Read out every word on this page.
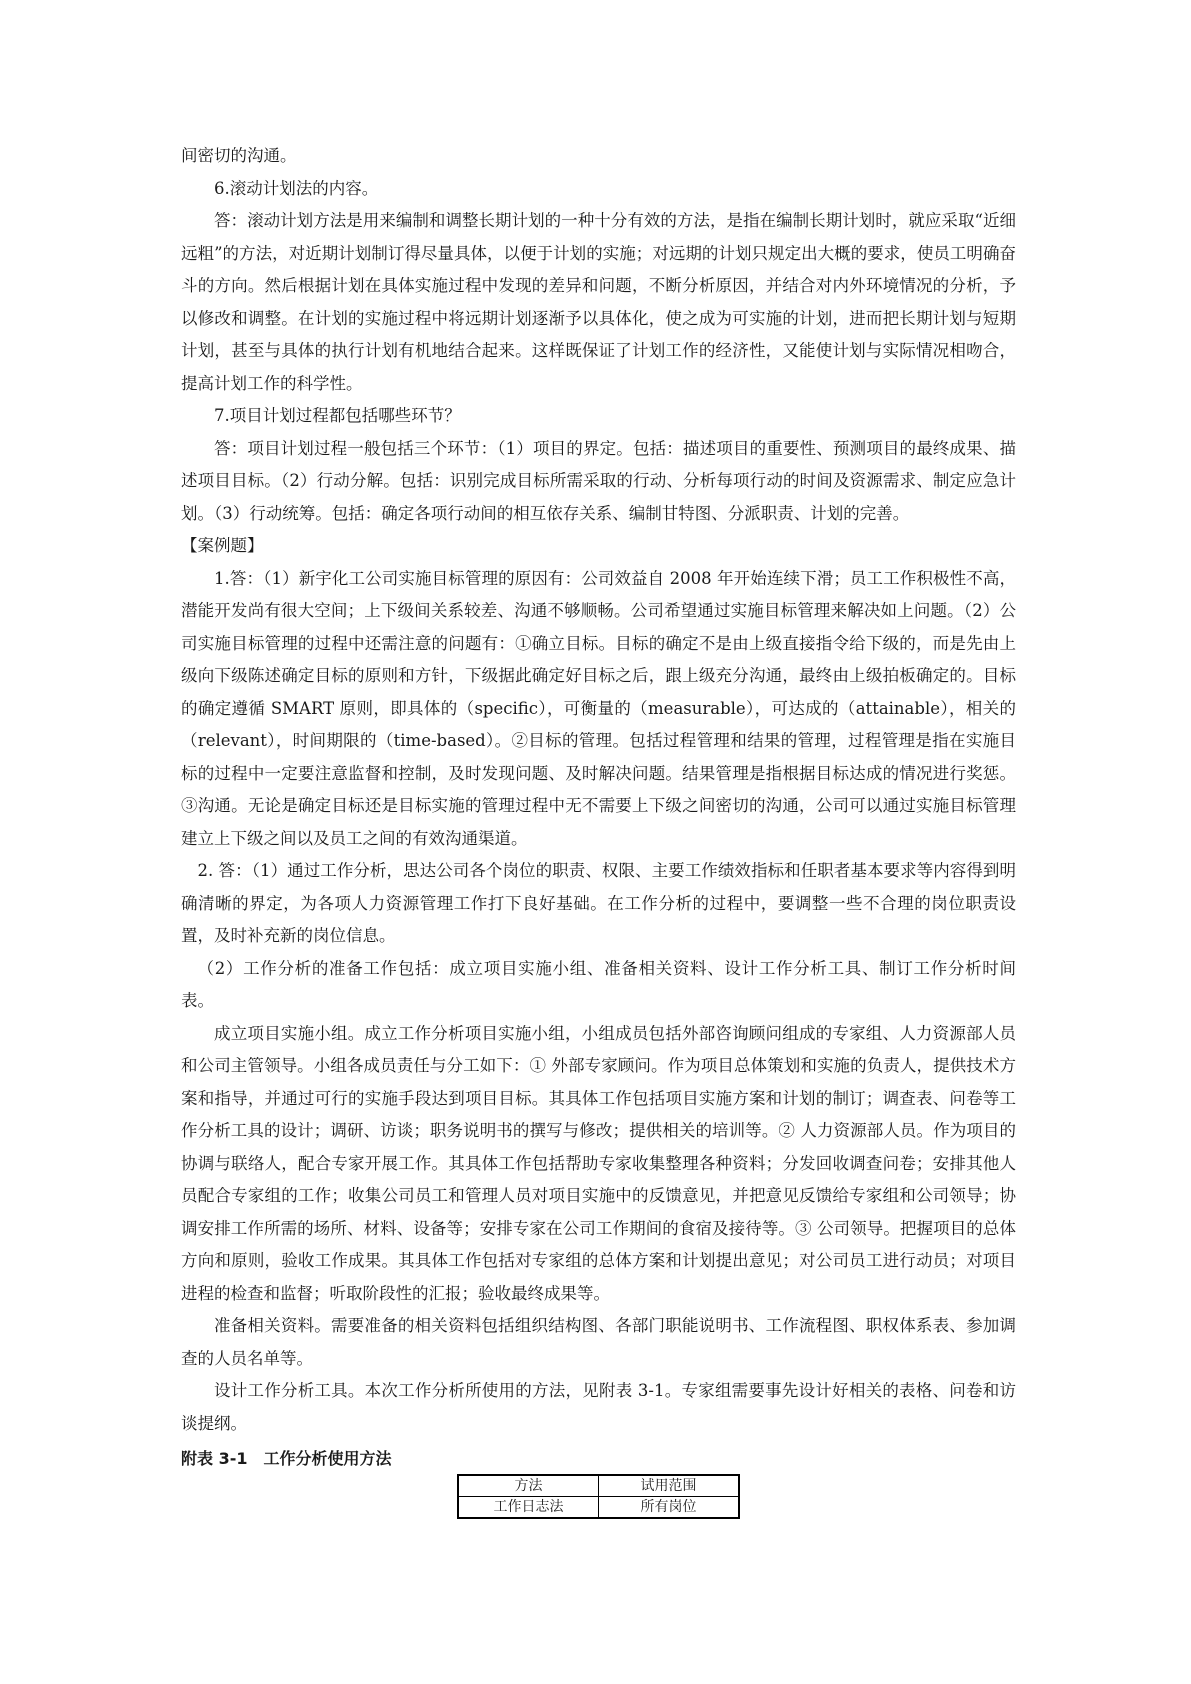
间密切的沟通。

6.滚动计划法的内容。

答：滚动计划方法是用来编制和调整长期计划的一种十分有效的方法，是指在编制长期计划时，就应采取“近细远粗”的方法，对近期计划制订得尽量具体，以便于计划的实施；对远期的计划只规定出大概的要求，使员工明确奋斗的方向。然后根据计划在具体实施过程中发现的差异和问题，不断分析原因，并结合对内外环境情况的分析，予以修改和调整。在计划的实施过程中将远期计划逐渐予以具体化，使之成为可实施的计划，进而把长期计划与短期计划，甚至与具体的执行计划有机地结合起来。这样既保证了计划工作的经济性，又能使计划与实际情况相吻合，提高计划工作的科学性。

7.项目计划过程都包括哪些环节？

答：项目计划过程一般包括三个环节：（1）项目的界定。包括：描述项目的重要性、预测项目的最终成果、描述项目目标。（2）行动分解。包括：识别完成目标所需采取的行动、分析每项行动的时间及资源需求、制定应急计划。（3）行动统筹。包括：确定各项行动间的相互依存关系、编制甘特图、分派职责、计划的完善。

【案例题】

1.答：（1）新宇化工公司实施目标管理的原因有：公司效益自 2008 年开始连续下滑；员工工作积极性不高，潜能开发尚有很大空间；上下级间关系较差、沟通不够顺畅。公司希望通过实施目标管理来解决如上问题。（2）公司实施目标管理的过程中还需注意的问题有：①确立目标。目标的确定不是由上级直接指令给下级的，而是先由上级向下级陈述确定目标的原则和方针，下级据此确定好目标之后，跟上级充分沟通，最终由上级拍板确定的。目标的确定遵循 SMART 原则，即具体的（specific），可衡量的（measurable），可达成的（attainable），相关的（relevant），时间期限的（time-based）。②目标的管理。包括过程管理和结果的管理，过程管理是指在实施目标的过程中一定要注意监督和控制，及时发现问题、及时解决问题。结果管理是指根据目标达成的情况进行奖惩。③沟通。无论是确定目标还是目标实施的管理过程中无不需要上下级之间密切的沟通，公司可以通过实施目标管理建立上下级之间以及员工之间的有效沟通渠道。

2. 答：（1）通过工作分析，思达公司各个岗位的职责、权限、主要工作绩效指标和任职者基本要求等内容得到明确清晰的界定，为各项人力资源管理工作打下良好基础。在工作分析的过程中，要调整一些不合理的岗位职责设置，及时补充新的岗位信息。

（2）工作分析的准备工作包括：成立项目实施小组、准备相关资料、设计工作分析工具、制订工作分析时间表。

成立项目实施小组。成立工作分析项目实施小组，小组成员包括外部咨询顾问组成的专家组、人力资源部人员和公司主管领导。小组各成员责任与分工如下：① 外部专家顾问。作为项目总体策划和实施的负责人，提供技术方案和指导，并通过可行的实施手段达到项目目标。其具体工作包括项目实施方案和计划的制订；调查表、问卷等工作分析工具的设计；调研、访谈；职务说明书的撰写与修改；提供相关的培训等。② 人力资源部人员。作为项目的协调与联络人，配合专家开展工作。其具体工作包括帮助专家收集整理各种资料；分发回收调查问卷；安排其他人员配合专家组的工作；收集公司员工和管理人员对项目实施中的反馈意见，并把意见反馈给专家组和公司领导；协调安排工作所需的场所、材料、设备等；安排专家在公司工作期间的食宿及接待等。③ 公司领导。把握项目的总体方向和原则，验收工作成果。其具体工作包括对专家组的总体方案和计划提出意见；对公司员工进行动员；对项目进程的检查和监督；听取阶段性的汇报；验收最终成果等。

准备相关资料。需要准备的相关资料包括组织结构图、各部门职能说明书、工作流程图、职权体系表、参加调查的人员名单等。

设计工作分析工具。本次工作分析所使用的方法，见附表 3-1。专家组需要事先设计好相关的表格、问卷和访谈提纲。

附表 3-1　工作分析使用方法

方法	试用范围
工作日志法	所有岗位
